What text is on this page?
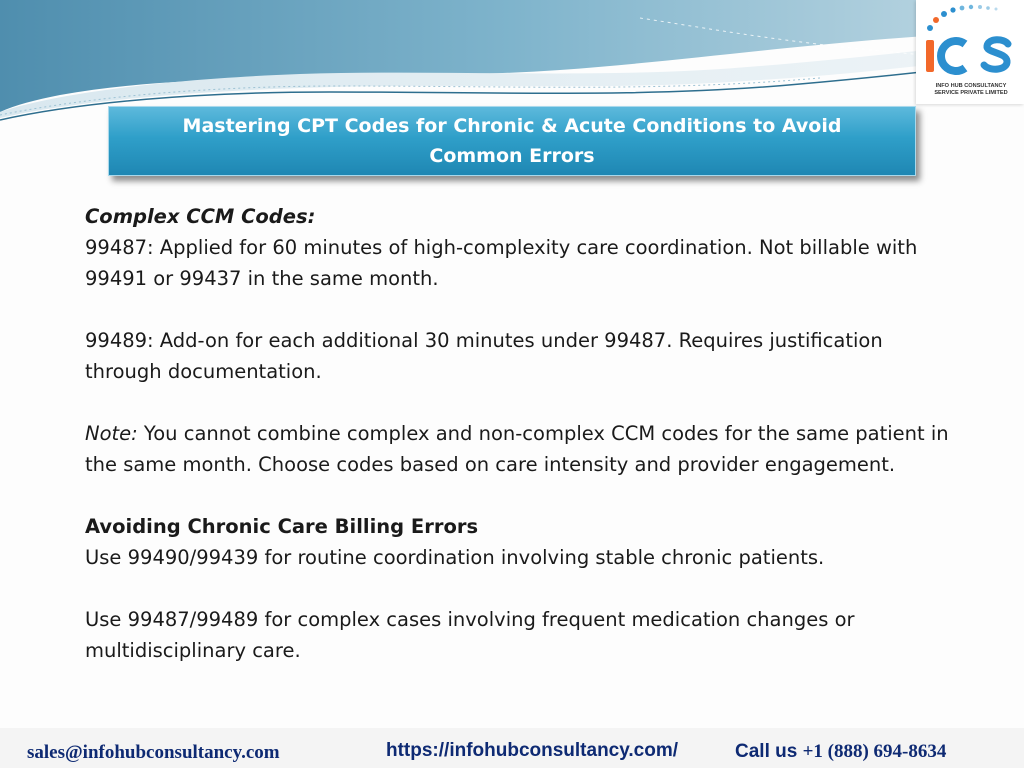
INFO HUB CONSULTANCY
SERVICE PRIVATE LIMITED
Mastering CPT Codes for Chronic & Acute Conditions to Avoid Common Errors

Complex CCM Codes:

99487: Applied for 60 minutes of high-complexity care coordination. Not billable with 99491 or 99437 in the same month.

99489: Add-on for each additional 30 minutes under 99487. Requires justification through documentation.

Note: You cannot combine complex and non-complex CCM codes for the same patient in the same month. Choose codes based on care intensity and provider engagement.

Avoiding Chronic Care Billing Errors

Use 99490/99439 for routine coordination involving stable chronic patients.

Use 99487/99489 for complex cases involving frequent medication changes or multidisciplinary care.

sales@infohubconsultancy.com	https://infohubconsultancy.com/	Call us +1 (888) 694-8634
